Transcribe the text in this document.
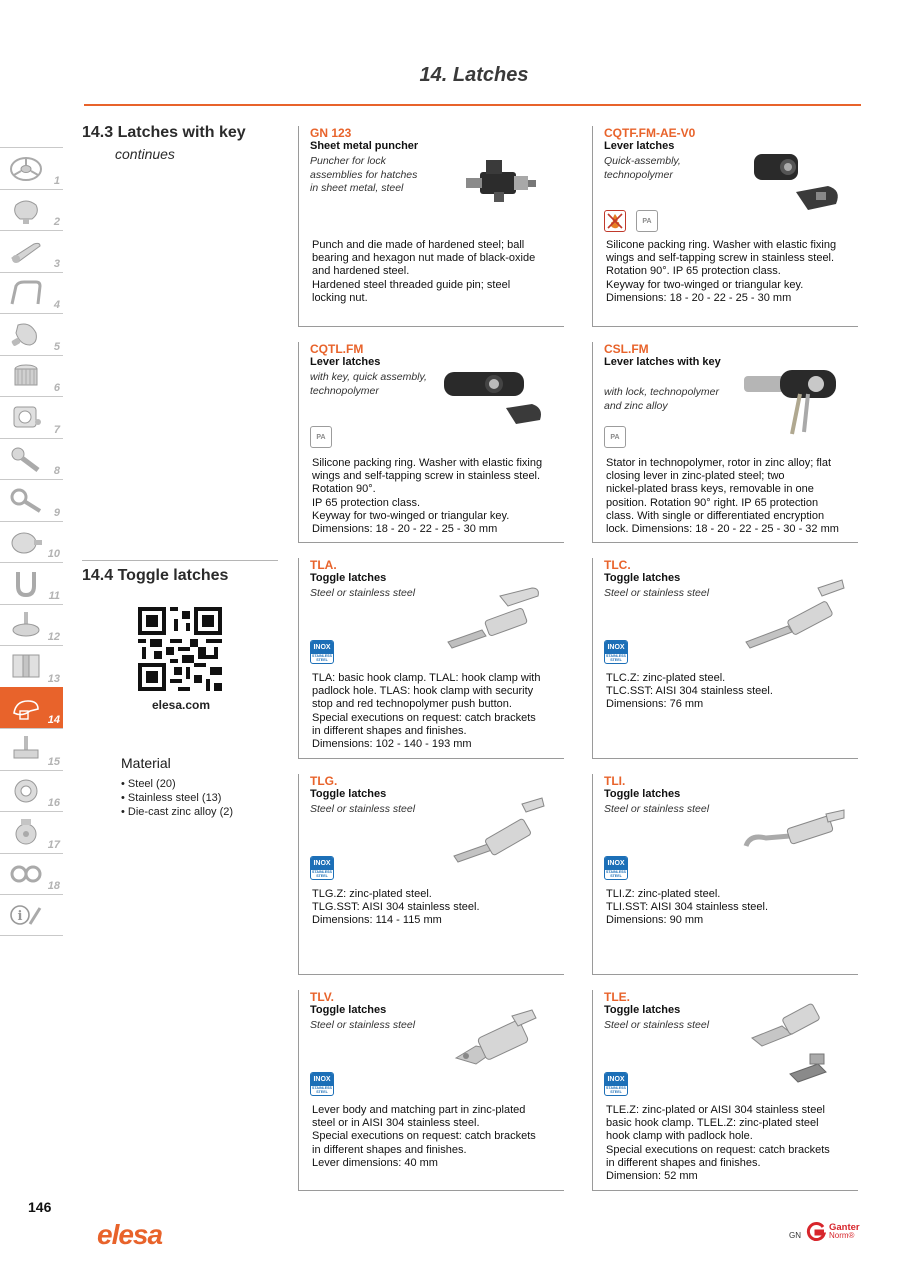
14. Latches
1
2
3
4
5
6
7
8
9
10
11
12
13
14
15
16
17
18
i
14.3 Latches with key
continues
14.4 Toggle latches
elesa.com
Material
• Steel (20)
• Stainless steel (13)
• Die-cast zinc alloy (2)
GN 123
Sheet metal puncher
Puncher for lock
assemblies for hatches
in sheet metal, steel
Punch and die made of hardened steel; ball
bearing and hexagon nut made of black-oxide
and hardened steel.
Hardened steel threaded guide pin; steel
locking nut.
CQTF.FM-AE-V0
Lever latches
Quick-assembly,
technopolymer
PA
Silicone packing ring. Washer with elastic fixing
wings and self-tapping screw in stainless steel.
Rotation 90°. IP 65 protection class.
Keyway for two-winged or triangular key.
Dimensions: 18 - 20 - 22 - 25 - 30 mm
CQTL.FM
Lever latches
with key, quick assembly,
technopolymer
PA
Silicone packing ring. Washer with elastic fixing
wings and self-tapping screw in stainless steel.
Rotation 90°.
IP 65 protection class.
Keyway for two-winged or triangular key.
Dimensions: 18 - 20 - 22 - 25 - 30 mm
CSL.FM
Lever latches with key
with lock, technopolymer
and zinc alloy
PA
Stator in technopolymer, rotor in zinc alloy; flat
closing lever in zinc-plated steel; two
nickel-plated brass keys, removable in one
position. Rotation 90° right. IP 65 protection
class. With single or differentiated encryption
lock. Dimensions: 18 - 20 - 22 - 25 - 30 - 32 mm
TLA.
Toggle latches
Steel or stainless steel
INOX
STAINLESS STEEL
TLA: basic hook clamp. TLAL: hook clamp with
padlock hole. TLAS: hook clamp with security
stop and red technopolymer push button.
Special executions on request: catch brackets
in different shapes and finishes.
Dimensions: 102 - 140 - 193 mm
TLC.
Toggle latches
Steel or stainless steel
INOX
STAINLESS STEEL
TLC.Z: zinc-plated steel.
TLC.SST: AISI 304 stainless steel.
Dimensions: 76 mm
TLG.
Toggle latches
Steel or stainless steel
INOX
STAINLESS STEEL
TLG.Z: zinc-plated steel.
TLG.SST: AISI 304 stainless steel.
Dimensions: 114 - 115 mm
TLI.
Toggle latches
Steel or stainless steel
INOX
STAINLESS STEEL
TLI.Z: zinc-plated steel.
TLI.SST: AISI 304 stainless steel.
Dimensions: 90 mm
TLV.
Toggle latches
Steel or stainless steel
INOX
STAINLESS STEEL
Lever body and matching part in zinc-plated
steel or in AISI 304 stainless steel.
Special executions on request: catch brackets
in different shapes and finishes.
Lever dimensions: 40 mm
TLE.
Toggle latches
Steel or stainless steel
INOX
STAINLESS STEEL
TLE.Z: zinc-plated or AISI 304 stainless steel
basic hook clamp. TLEL.Z: zinc-plated steel
hook clamp with padlock hole.
Special executions on request: catch brackets
in different shapes and finishes.
Dimension: 52 mm
146
elesa	GN
Ganter
Norm®
